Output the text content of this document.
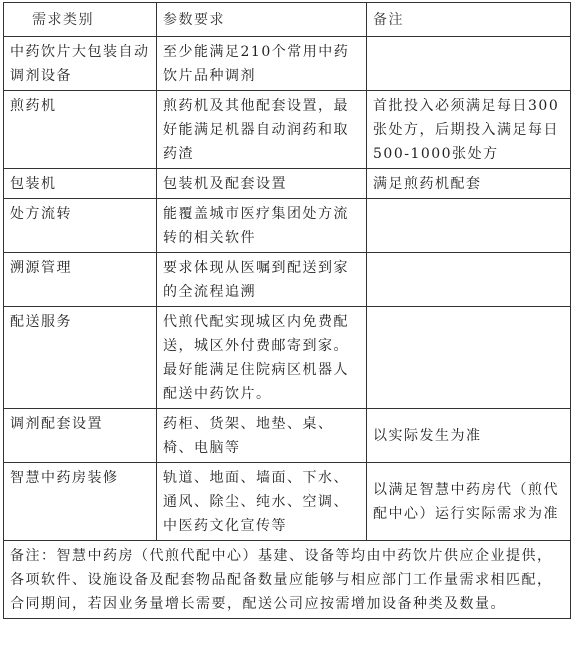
需求类别	参数要求	备注
中药饮片大包装自动调剂设备	至少能满足210个常用中药饮片品种调剂	
煎药机	煎药机及其他配套设置，最好能满足机器自动润药和取药渣	首批投入必须满足每日300张处方，后期投入满足每日500-1000张处方
包装机	包装机及配套设置	满足煎药机配套
处方流转	能覆盖城市医疗集团处方流转的相关软件	
溯源管理	要求体现从医嘱到配送到家的全流程追溯	
配送服务	代煎代配实现城区内免费配送，城区外付费邮寄到家。最好能满足住院病区机器人配送中药饮片。	
调剂配套设置	药柜、货架、地垫、桌、椅、电脑等	以实际发生为准
智慧中药房装修	轨道、地面、墙面、下水、通风、除尘、纯水、空调、中医药文化宣传等	以满足智慧中药房代（煎代配中心）运行实际需求为准
备注：智慧中药房（代煎代配中心）基建、设备等均由中药饮片供应企业提供，各项软件、设施设备及配套物品配备数量应能够与相应部门工作量需求相匹配，合同期间，若因业务量增长需要，配送公司应按需增加设备种类及数量。		
